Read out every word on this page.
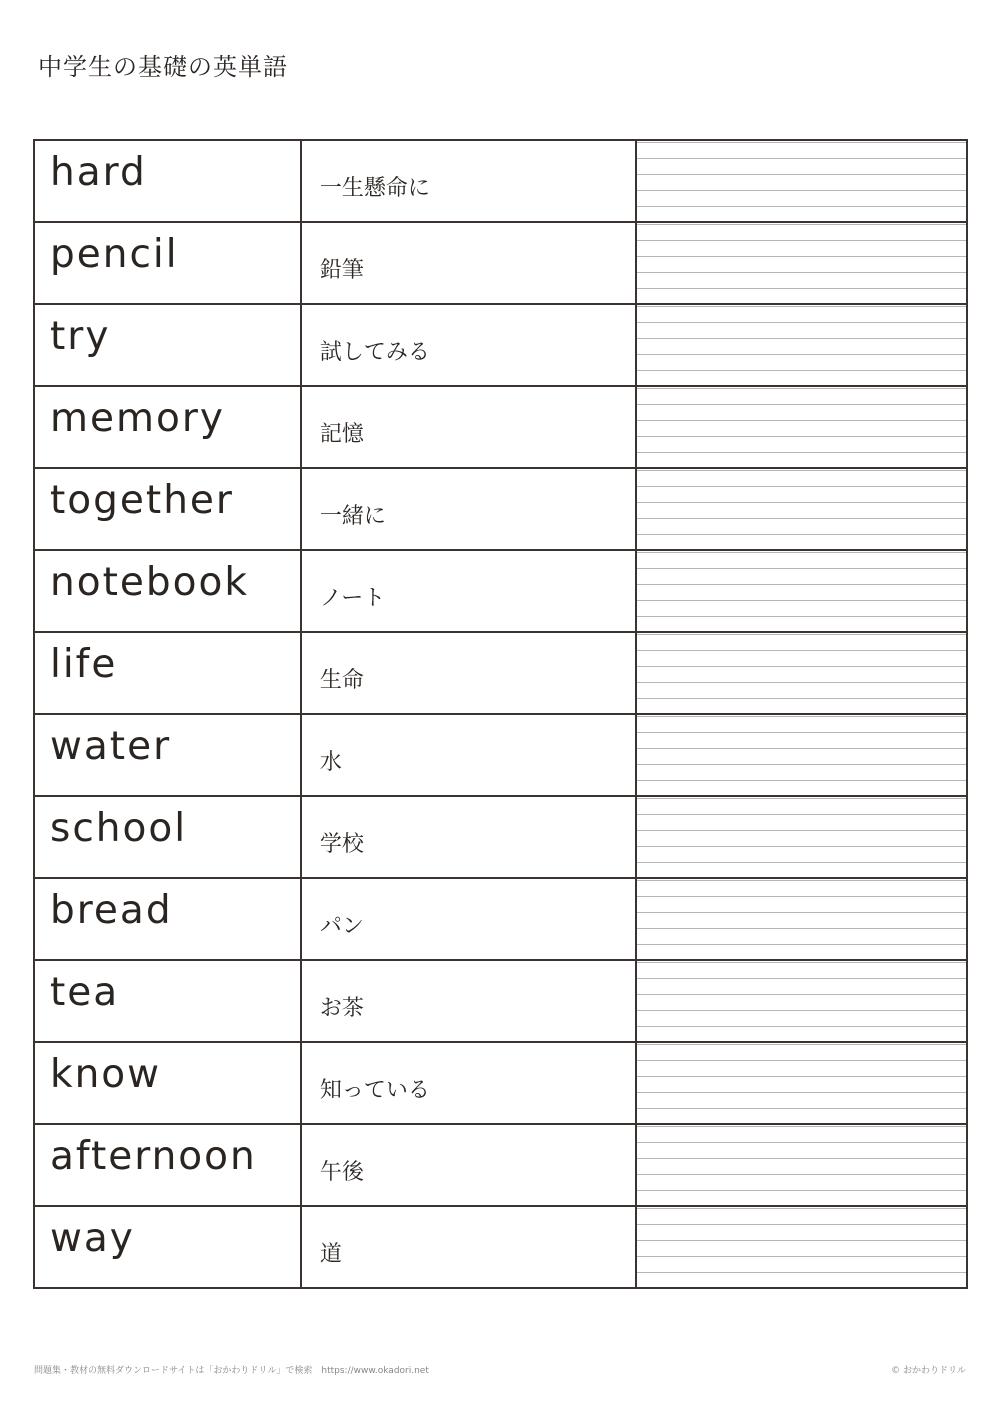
中学生の基礎の英単語
hard	一生懸命に	

pencil	鉛筆	

try	試してみる	

memory	記憶	

together	一緒に	

notebook	ノート	

life	生命	

water	水	

school	学校	

bread	パン	

tea	お茶	

know	知っている	

afternoon	午後	

way	道	

問題集・教材の無料ダウンロードサイトは「おかわりドリル」で検索　https://www.okadori.net	© おかわりドリル
